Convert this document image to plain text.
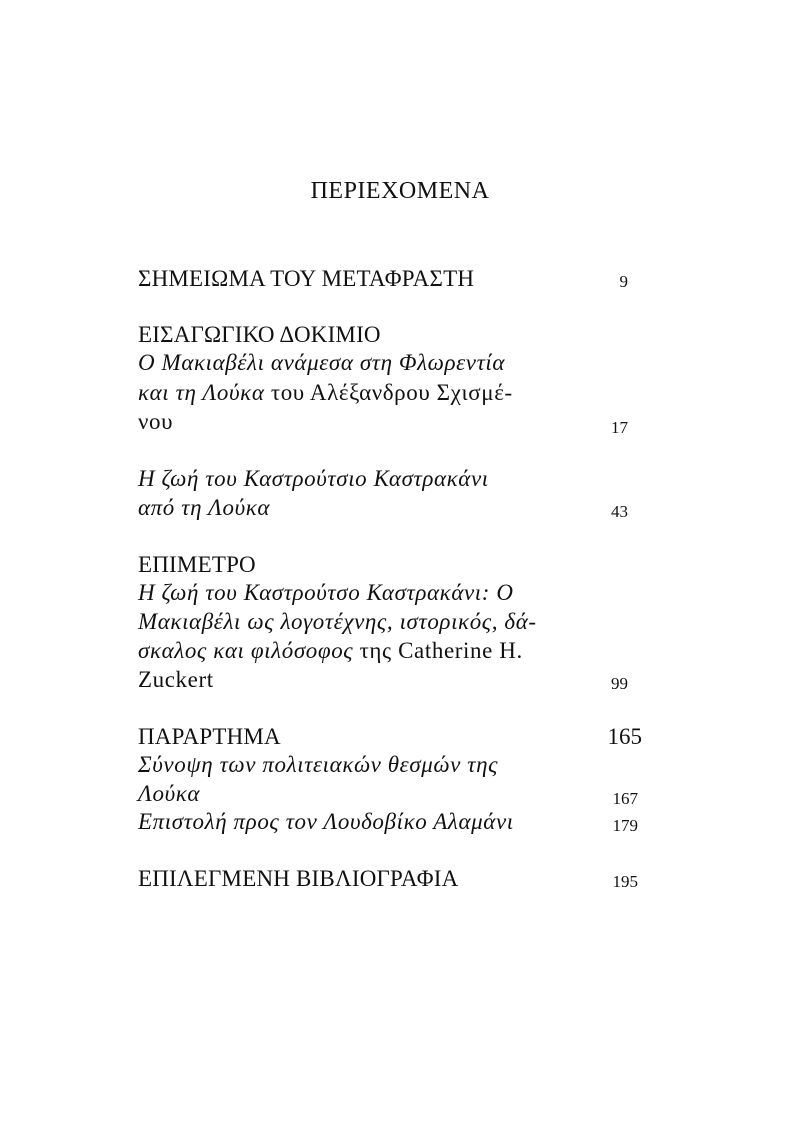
ΠΕΡΙΕΧΟΜΕΝΑ
ΣΗΜΕΙΩΜΑ ΤΟΥ ΜΕΤΑΦΡΑΣΤΗ	9
ΕΙΣΑΓΩΓΙΚΟ ΔΟΚΙΜΙΟ
Ο Μακιαβέλι ανάμεσα στη Φλωρεντία
και τη Λούκα του Αλέξανδρου Σχισμέ-
νου	17
Η ζωή του Καστρούτσιο Καστρακάνι
από τη Λούκα	43
ΕΠΙΜΕΤΡΟ
Η ζωή του Καστρούτσο Καστρακάνι: Ο
Μακιαβέλι ως λογοτέχνης, ιστορικός, δά-
σκαλος και φιλόσοφος της Catherine H.
Zuckert	99
ΠΑΡΑΡΤΗΜΑ	165
Σύνοψη των πολιτειακών θεσμών της
Λούκα	167
Επιστολή προς τον Λουδοβίκο Αλαμάνι	179
ΕΠΙΛΕΓΜΕΝΗ ΒΙΒΛΙΟΓΡΑΦΙΑ	195
